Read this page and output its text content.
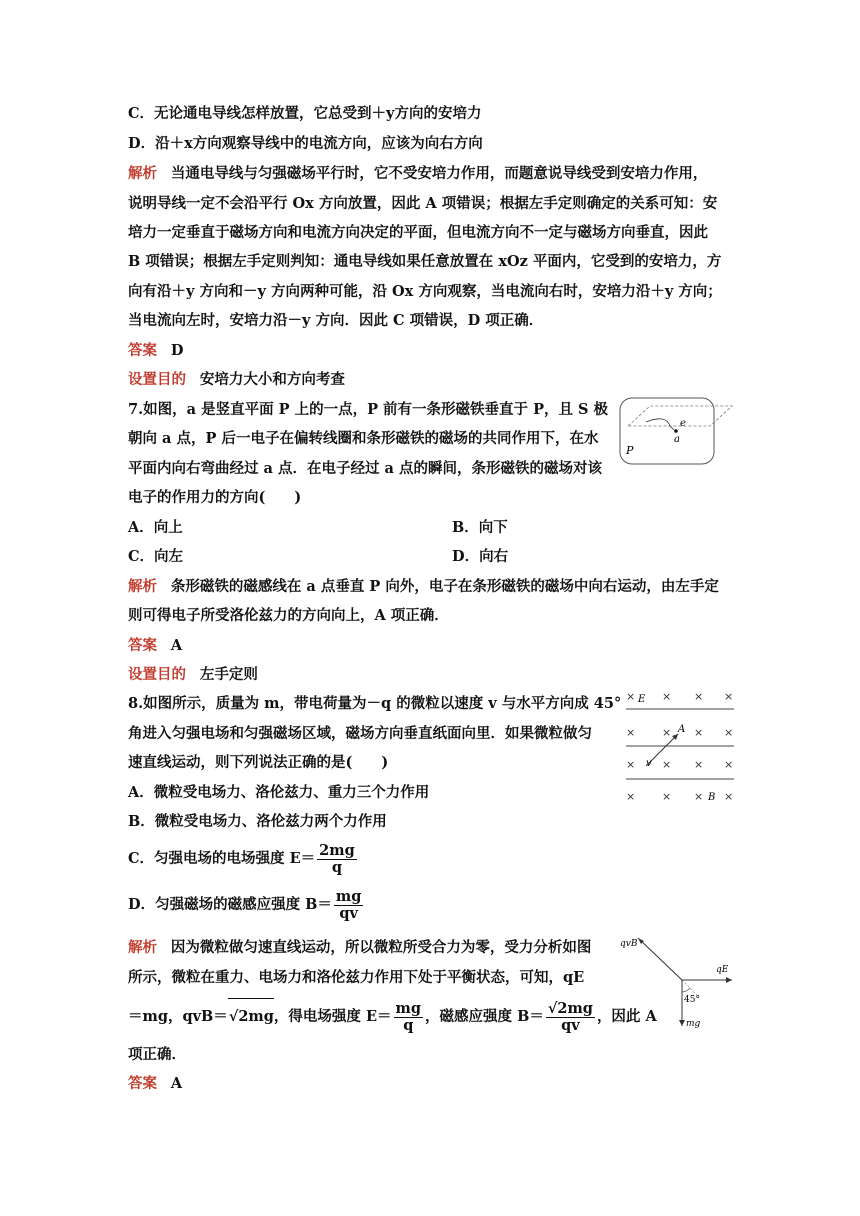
C．无论通电导线怎样放置，它总受到＋y方向的安培力
D．沿＋x方向观察导线中的电流方向，应该为向右方向
解析 当通电导线与匀强磁场平行时，它不受安培力作用，而题意说导线受到安培力作用，
说明导线一定不会沿平行 Ox 方向放置，因此 A 项错误；根据左手定则确定的关系可知：安
培力一定垂直于磁场方向和电流方向决定的平面，但电流方向不一定与磁场方向垂直，因此
B 项错误；根据左手定则判知：通电导线如果任意放置在 xOz 平面内，它受到的安培力，方
向有沿＋y 方向和－y 方向两种可能，沿 Ox 方向观察，当电流向右时，安培力沿＋y 方向；
当电流向左时，安培力沿－y 方向．因此 C 项错误，D 项正确．
答案 D
设置目的 安培力大小和方向考查
7.如图，a 是竖直平面 P 上的一点，P 前有一条形磁铁垂直于 P，且 S 极
朝向 a 点，P 后一电子在偏转线圈和条形磁铁的磁场的共同作用下，在水
平面内向右弯曲经过 a 点．在电子经过 a 点的瞬间，条形磁铁的磁场对该
电子的作用力的方向(　　)
e
a
P
A．向上	B．向下
C．向左	D．向右
解析 条形磁铁的磁感线在 a 点垂直 P 向外，电子在条形磁铁的磁场中向右运动，由左手定
则可得电子所受洛伦兹力的方向向上，A 项正确．
答案 A
设置目的 左手定则
8.如图所示，质量为 m，带电荷量为－q 的微粒以速度 v 与水平方向成 45°
角进入匀强电场和匀强磁场区域，磁场方向垂直纸面向里．如果微粒做匀
速直线运动，则下列说法正确的是(　　)
× × × ×
× × × ×
× × × ×
× × × ×
E
A
v
B
A．微粒受电场力、洛伦兹力、重力三个力作用
B．微粒受电场力、洛伦兹力两个力作用
C．匀强电场的电场强度 $E= \frac{2mg}{q}$
D．匀强磁场的磁感应强度 $B= \frac{mg}{qv}$
解析 因为微粒做匀速直线运动，所以微粒所受合力为零，受力分析如图
所示，微粒在重力、电场力和洛伦兹力作用下处于平衡状态，可知，qE
＝mg，qvB＝√2mg，得电场强度 $E= \frac{mg}{q}$ ，磁感应强度 $B= \frac{√2mg}{qv}$ ，因此 A
项正确．
qvB
qE
45°
mg
答案 A
